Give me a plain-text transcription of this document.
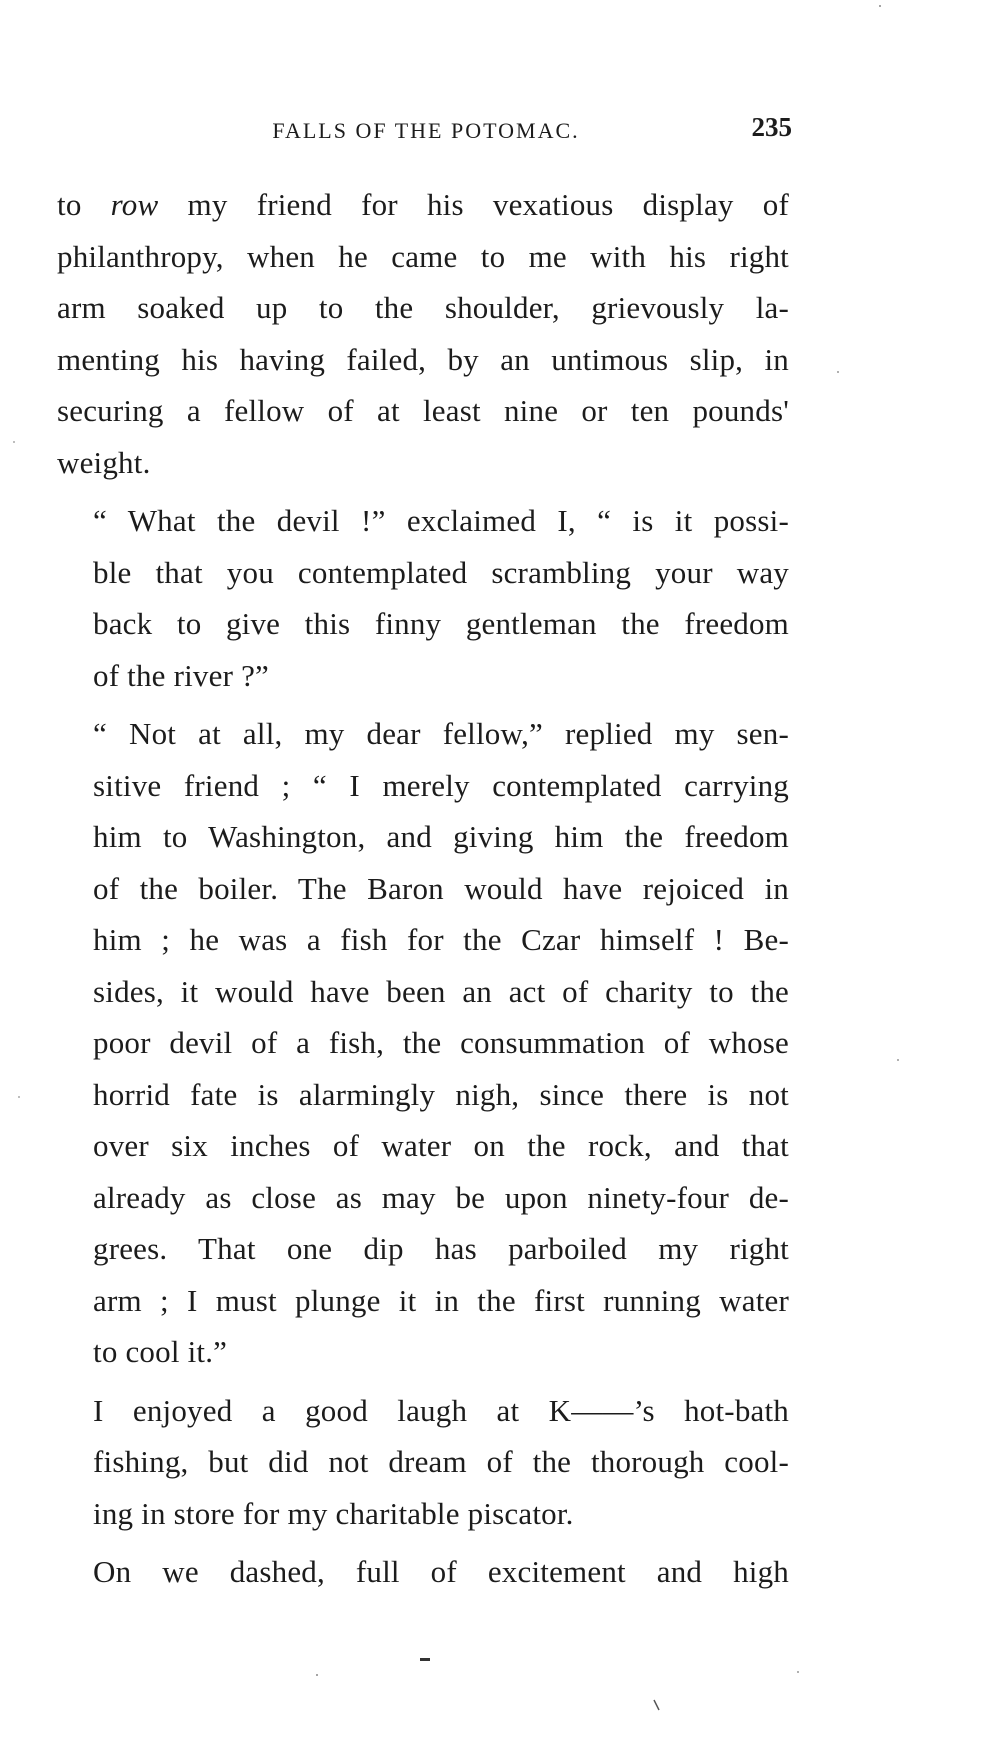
FALLS OF THE POTOMAC.	235

to row my friend for his vexatious display of
philanthropy, when he came to me with his right
arm soaked up to the shoulder, grievously la-
menting his having failed, by an untimous slip, in
securing a fellow of at least nine or ten pounds'
weight.

“ What the devil !” exclaimed I, “ is it possi-
ble that you contemplated scrambling your way
back to give this finny gentleman the freedom
of the river ?”

“ Not at all, my dear fellow,” replied my sen-
sitive friend ; “ I merely contemplated carrying
him to Washington, and giving him the freedom
of the boiler. The Baron would have rejoiced in
him ; he was a fish for the Czar himself ! Be-
sides, it would have been an act of charity to the
poor devil of a fish, the consummation of whose
horrid fate is alarmingly nigh, since there is not
over six inches of water on the rock, and that
already as close as may be upon ninety-four de-
grees. That one dip has parboiled my right
arm ; I must plunge it in the first running water
to cool it.”

I enjoyed a good laugh at K——’s hot-bath
fishing, but did not dream of the thorough cool-
ing in store for my charitable piscator.

On we dashed, full of excitement and high
